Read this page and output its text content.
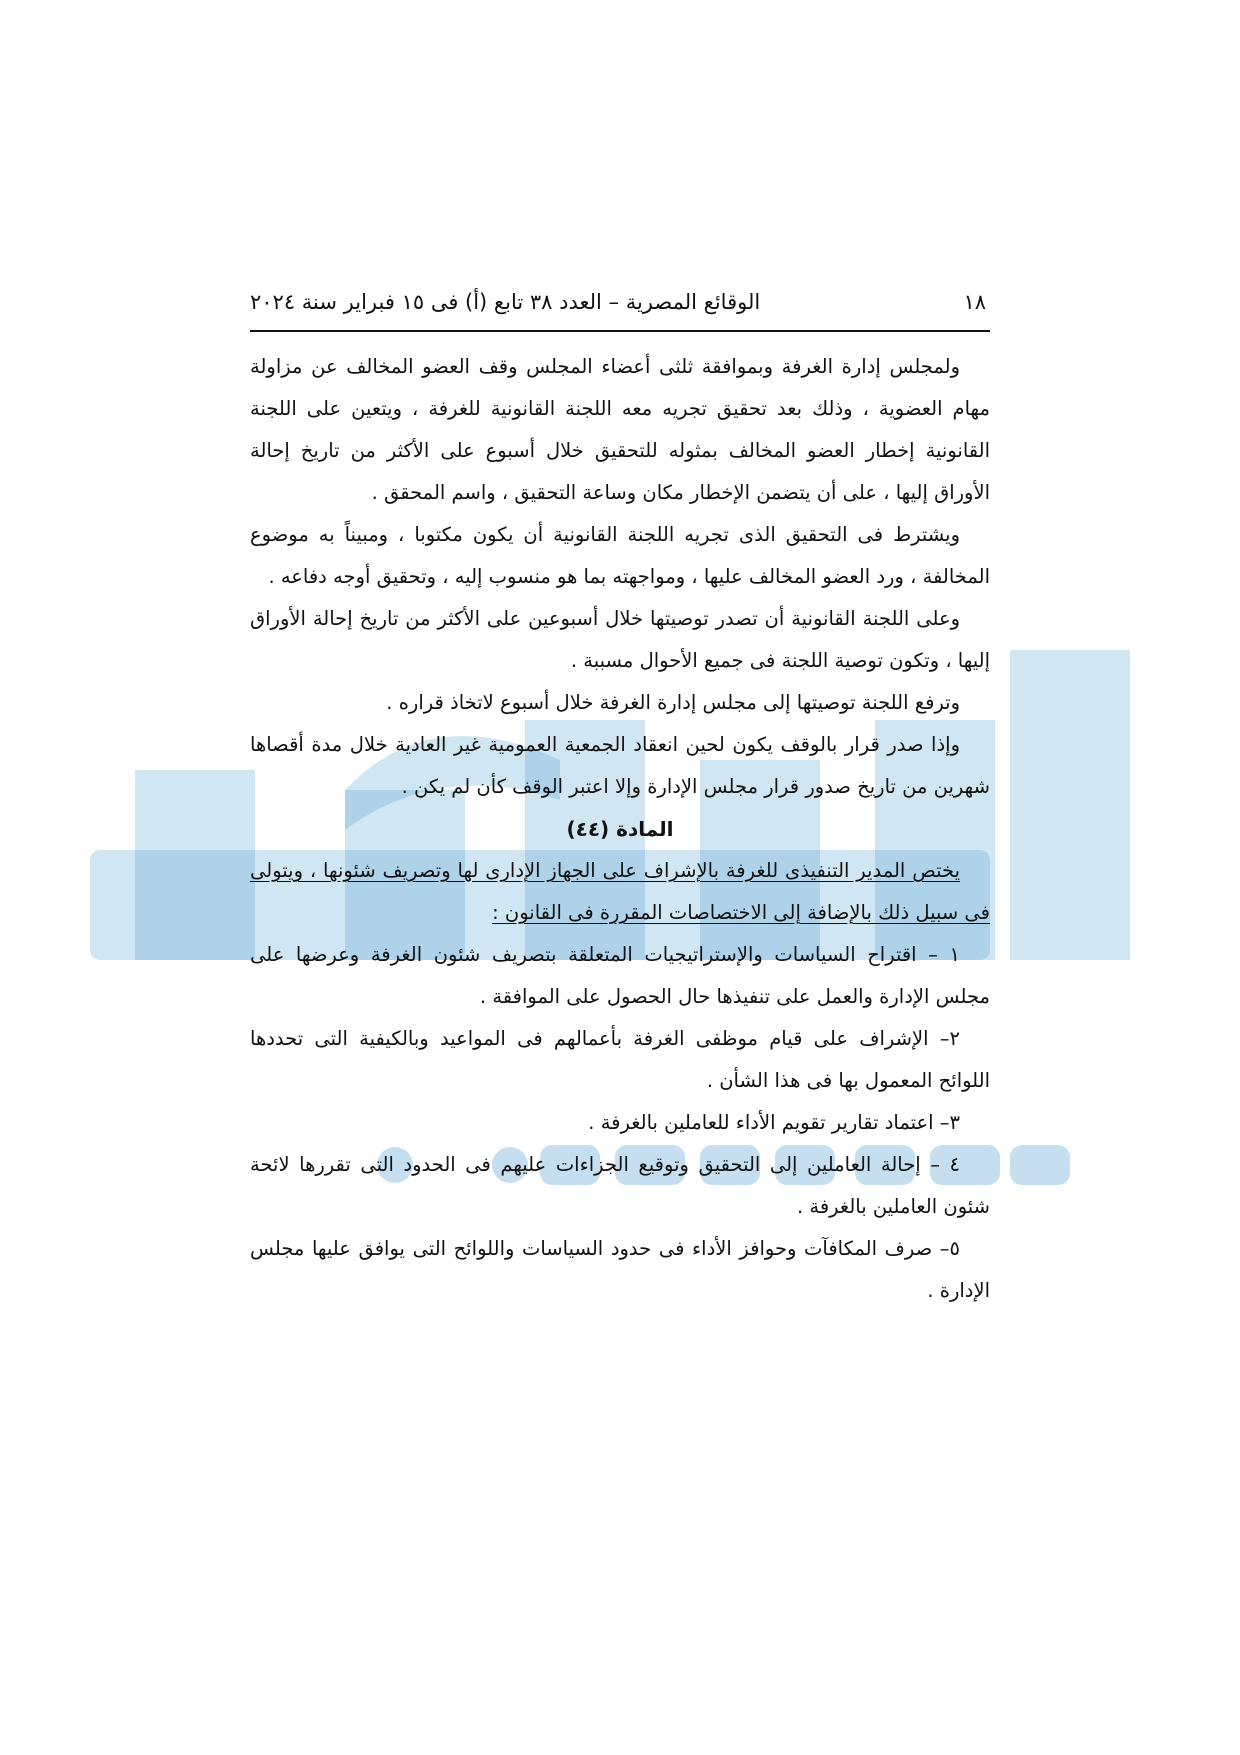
١٨
الوقائع المصرية – العدد ٣٨ تابع (أ) فى ١٥ فبراير سنة ٢٠٢٤

ولمجلس إدارة الغرفة وبموافقة ثلثى أعضاء المجلس وقف العضو المخالف عن مزاولة مهام العضوية ، وذلك بعد تحقيق تجريه معه اللجنة القانونية للغرفة ، ويتعين على اللجنة القانونية إخطار العضو المخالف بمثوله للتحقيق خلال أسبوع على الأكثر من تاريخ إحالة الأوراق إليها ، على أن يتضمن الإخطار مكان وساعة التحقيق ، واسم المحقق .

ويشترط فى التحقيق الذى تجريه اللجنة القانونية أن يكون مكتوبا ، ومبيناً به موضوع المخالفة ، ورد العضو المخالف عليها ، ومواجهته بما هو منسوب إليه ، وتحقيق أوجه دفاعه .

وعلى اللجنة القانونية أن تصدر توصيتها خلال أسبوعين على الأكثر من تاريخ إحالة الأوراق إليها ، وتكون توصية اللجنة فى جميع الأحوال مسببة .

وترفع اللجنة توصيتها إلى مجلس إدارة الغرفة خلال أسبوع لاتخاذ قراره .

وإذا صدر قرار بالوقف يكون لحين انعقاد الجمعية العمومية غير العادية خلال مدة أقصاها شهرين من تاريخ صدور قرار مجلس الإدارة وإلا اعتبر الوقف كأن لم يكن .

المادة (٤٤)

يختص المدير التنفيذى للغرفة بالإشراف على الجهاز الإدارى لها وتصريف شئونها ، ويتولى فى سبيل ذلك بالإضافة إلى الاختصاصات المقررة فى القانون :

١ – اقتراح السياسات والإستراتيجيات المتعلقة بتصريف شئون الغرفة وعرضها على مجلس الإدارة والعمل على تنفيذها حال الحصول على الموافقة .

٢– الإشراف على قيام موظفى الغرفة بأعمالهم فى المواعيد وبالكيفية التى تحددها اللوائح المعمول بها فى هذا الشأن .

٣– اعتماد تقارير تقويم الأداء للعاملين بالغرفة .

٤ – إحالة العاملين إلى التحقيق وتوقيع الجزاءات عليهم فى الحدود التى تقررها لائحة شئون العاملين بالغرفة .

٥– صرف المكافآت وحوافز الأداء فى حدود السياسات واللوائح التى يوافق عليها مجلس الإدارة .
